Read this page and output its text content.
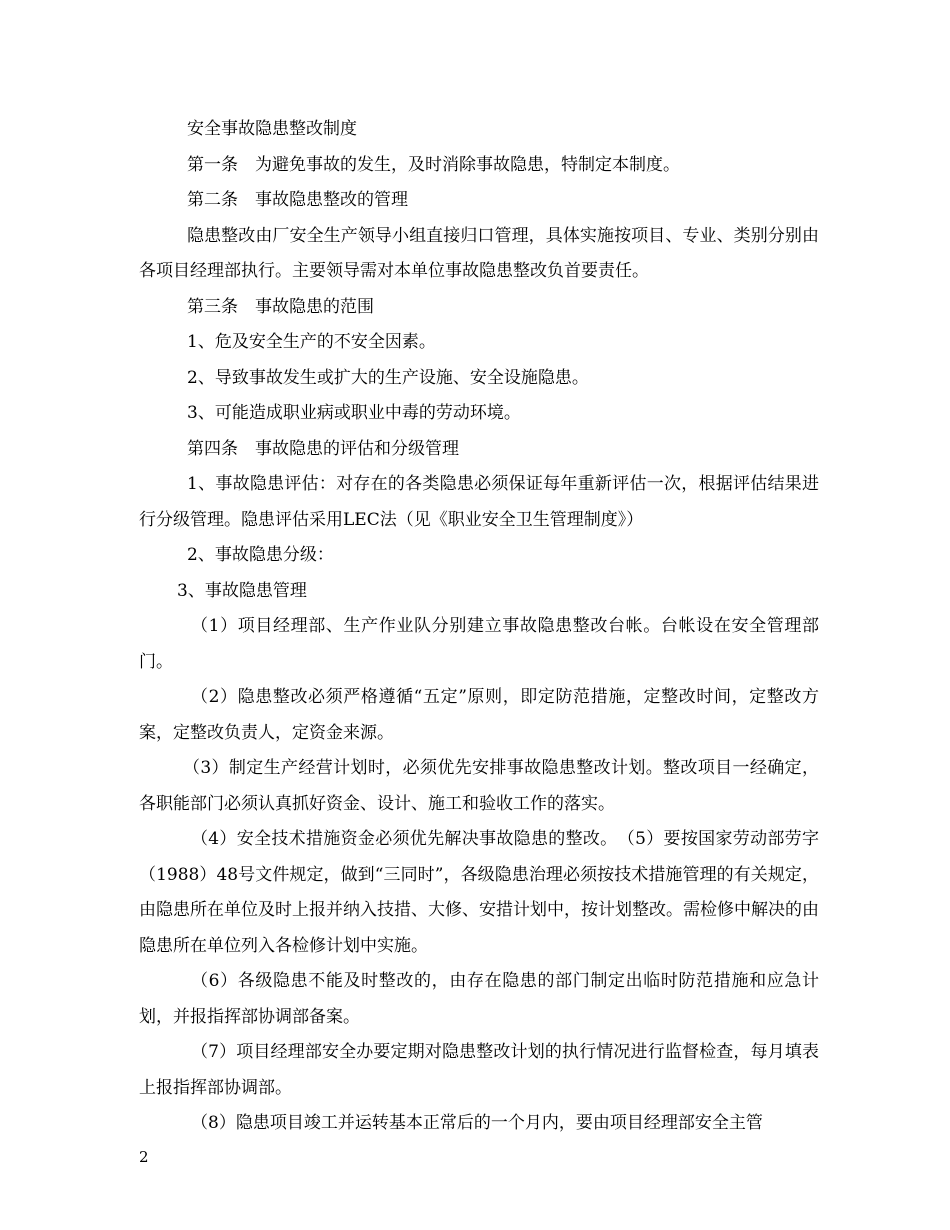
安全事故隐患整改制度

第一条　为避免事故的发生，及时消除事故隐患，特制定本制度。

第二条　事故隐患整改的管理

隐患整改由厂安全生产领导小组直接归口管理，具体实施按项目、专业、类别分别由各项目经理部执行。主要领导需对本单位事故隐患整改负首要责任。

第三条　事故隐患的范围

1、危及安全生产的不安全因素。

2、导致事故发生或扩大的生产设施、安全设施隐患。

3、可能造成职业病或职业中毒的劳动环境。

第四条　事故隐患的评估和分级管理

1、事故隐患评估：对存在的各类隐患必须保证每年重新评估一次，根据评估结果进行分级管理。隐患评估采用LEC法（见《职业安全卫生管理制度》）

2、事故隐患分级：

3、事故隐患管理

（1）项目经理部、生产作业队分别建立事故隐患整改台帐。台帐设在安全管理部门。

（2）隐患整改必须严格遵循“五定”原则，即定防范措施，定整改时间，定整改方案，定整改负责人，定资金来源。

（3）制定生产经营计划时，必须优先安排事故隐患整改计划。整改项目一经确定，各职能部门必须认真抓好资金、设计、施工和验收工作的落实。

（4）安全技术措施资金必须优先解决事故隐患的整改。　（5）要按国家劳动部劳字（1988）48号文件规定，做到“三同时”，各级隐患治理必须按技术措施管理的有关规定，由隐患所在单位及时上报并纳入技措、大修、安措计划中，按计划整改。需检修中解决的由隐患所在单位列入各检修计划中实施。

（6）各级隐患不能及时整改的，由存在隐患的部门制定出临时防范措施和应急计划，并报指挥部协调部备案。

（7）项目经理部安全办要定期对隐患整改计划的执行情况进行监督检查，每月填表上报指挥部协调部。

（8）隐患项目竣工并运转基本正常后的一个月内，要由项目经理部安全主管

2
